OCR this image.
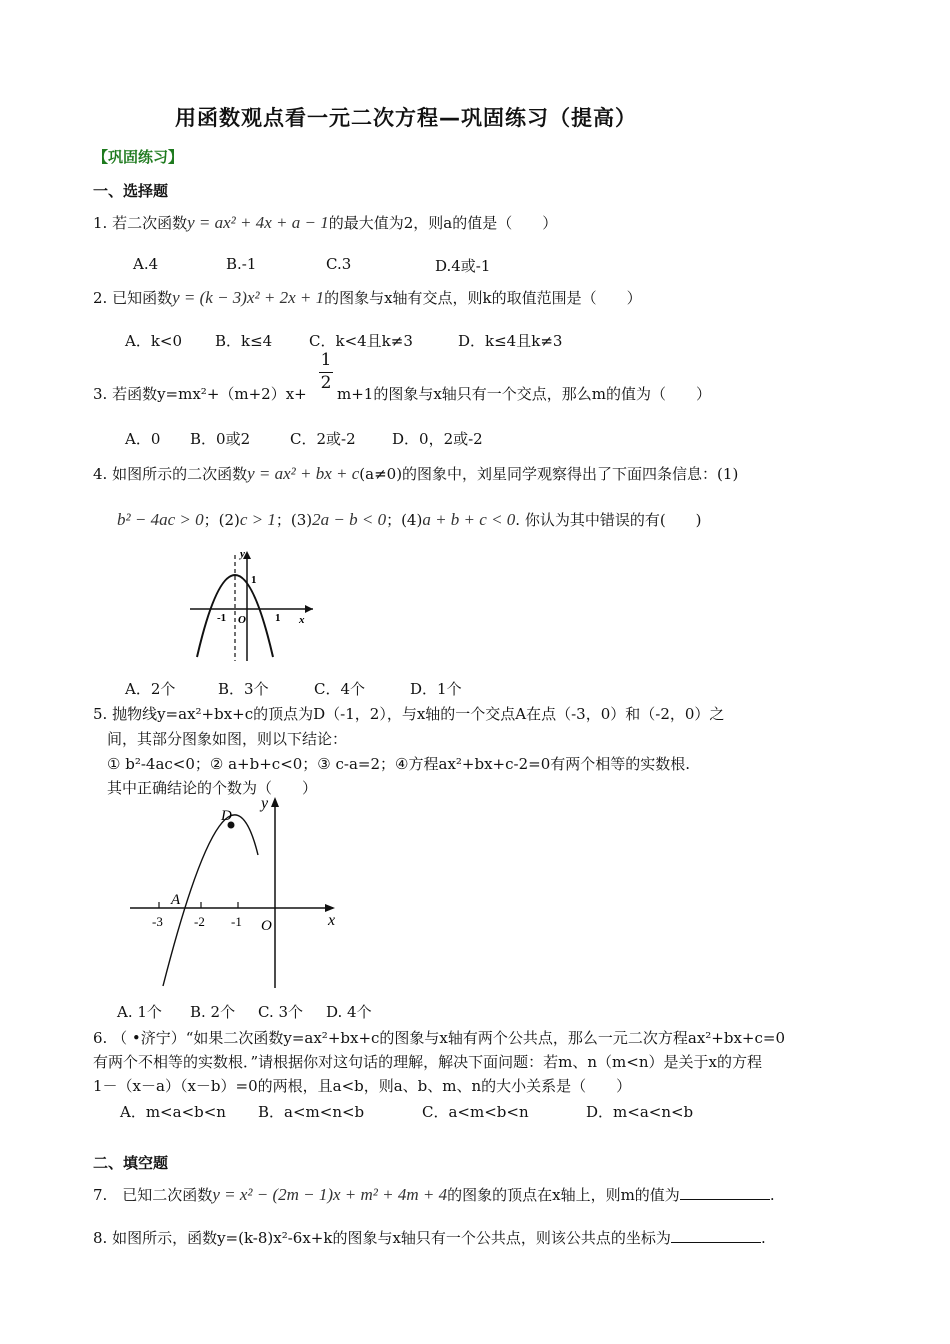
用函数观点看一元二次方程—巩固练习（提高）
【巩固练习】
一、选择题
1. 若二次函数y = ax² + 4x + a − 1的最大值为2，则a的值是（　　）
A.4	B.-1	C.3	D.4或-1
2. 已知函数y = (k − 3)x² + 2x + 1的图象与x轴有交点，则k的取值范围是（　　）
A．k<0 B．k≤4 C．k<4且k≠3	D．k≤4且k≠3
3. 若函数y=mx²+（m+2）x+
$\frac{1}{2}$
m+1的图象与x轴只有一个交点，那么m的值为（　　）
A．0 B．0或2	C．2或-2 D．0，2或-2
4. 如图所示的二次函数y = ax² + bx + c(a≠0)的图象中，刘星同学观察得出了下面四条信息：(1)
b² − 4ac > 0；(2)c > 1；(3)2a − b < 0；(4)a + b + c < 0. 你认为其中错误的有(　　)
y
x
1
-1 O	1
A．2个	B．3个	C．4个	D．1个
5. 抛物线y=ax²+bx+c的顶点为D（-1，2），与x轴的一个交点A在点（-3，0）和（-2，0）之
间，其部分图象如图，则以下结论：
① b²-4ac<0；② a+b+c<0；③ c-a=2；④方程ax²+bx+c-2=0有两个相等的实数根.
其中正确结论的个数为（　　）
y
x
D
A
-3 -2 -1 O
A. 1个 B. 2个 C. 3个 D. 4个
6. （ •济宁）“如果二次函数y=ax²+bx+c的图象与x轴有两个公共点，那么一元二次方程ax²+bx+c=0
有两个不相等的实数根．”请根据你对这句话的理解，解决下面问题：若m、n（m<n）是关于x的方程
1－（x－a）（x－b）=0的两根，且a<b，则a、b、m、n的大小关系是（　　）
A．m<a<b<n B．a<m<n<b	C．a<m<b<n	D．m<a<n<b
二、填空题
7.　已知二次函数y = x² − (2m − 1)x + m² + 4m + 4的图象的顶点在x轴上，则m的值为	.
8. 如图所示，函数y=(k-8)x²-6x+k的图象与x轴只有一个公共点，则该公共点的坐标为	.
